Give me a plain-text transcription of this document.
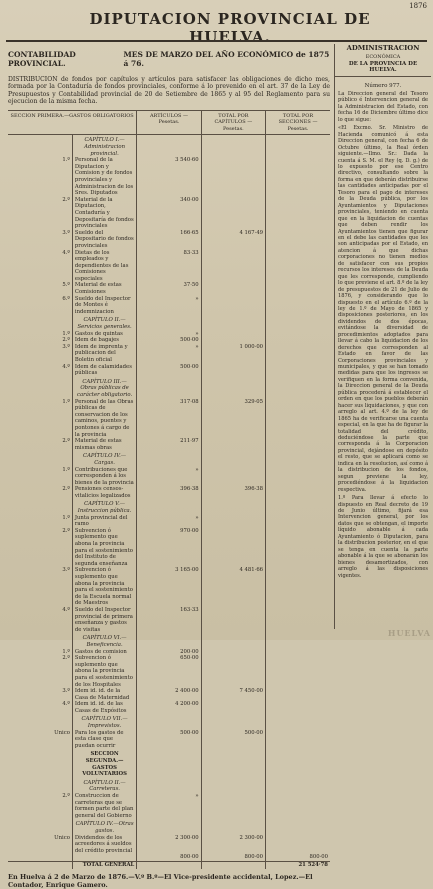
DIPUTACION PROVINCIAL DE HUELVA.
1876
CONTABILIDAD PROVINCIAL.
MES DE MARZO DEL AÑO ECONÓMICO de 1875 á 76.
DISTRIBUCION de fondos por capítulos y artículos para satisfacer las obligaciones de dicho mes, formada por la Contaduría de fondos provinciales, conforme á lo prevenido en el art. 37 de la Ley de Presupuestos y Contabilidad provincial de 20 de Setiembre de 1865 y al 95 del Reglamento para su ejecucion de la misma fecha.
SECCION PRIMERA.—GASTOS OBLIGATORIOS		ARTÍCULOS — Pesetas.	TOTAL POR CAPÍTULOS — Pesetas.	TOTAL POR SECCIONES — Pesetas.
	CAPÍTULO I.—Administracion provincial.			
1.º	Personal de la Diputacion y Comision y de fondos provinciales y Administracion de los Sres. Diputados	3 540·60		
2.º	Material de la Diputacion, Contaduría y Depositaría de fondos provinciales	340·00		
3.º	Sueldo del Depositario de fondos provinciales	166·65	4 167·49	
4.º	Dietas de los empleados y dependientes de las Comisiones especiales	83·33		
5.º	Material de estas Comisiones	37·50		
6.º	Sueldo del Inspector de Montes é indemnizacion	»		
	CAPÍTULO II.—Servicios generales.			
1.º	Gastos de quintas	»		
2.º	Idem de bagajes	500·00		
3.º	Idem de imprenta y publicacion del Boletin oficial	»	1 000·00	
4.º	Idem de calamidades públicas	500·00		
	CAPÍTULO III.—Obras públicas de carácter obligatorio.			
1.º	Personal de las Obras públicas de conservacion de los caminos, puentes y pontones á cargo de la provincia	317·08	329·05	
2.º	Material de estas mismas obras	211·97		
	CAPÍTULO IV.—Cargas.			
1.º	Contribuciones que corresponden á los bienes de la provincia	»		
2.º	Pensiones censos-vitalicios legalizados	396·38	396·38	
	CAPÍTULO V.—Instruccion pública.			
1.º	Junta provincial del ramo	»		
2.º	Subvencion ó suplemento que abona la provincia para el sostenimiento del Instituto de segunda enseñanza	970·00		
3.º	Subvencion ó suplemento que abona la provincia para el sostenimiento de la Escuela normal de Maestros	3 165·00	4 481·66	
4.º	Sueldo del Inspector provincial de primera enseñanza y gastos de visitas	163·33		
	CAPÍTULO VI.—Beneficencia.			
1.º	Gastos de comision	200·00		
2.º	Subvencion ó suplemento que abona la provincia para el sostenimiento de los Hospitales	650·00		
3.º	Idem id. id. de la Casa de Maternidad	2 400·00	7 450·00	
4.º	Idem id. id. de las Casas de Expósitos	4 200·00		
	CAPÍTULO VII.—Imprevistos.			
Unico	Para los gastos de esta clase que puedan ocurrir	500·00	500·00	
	SECCION SEGUNDA.—GASTOS VOLUNTARIOS			
	CAPÍTULO II.—Carreteras.			
2.º	Construccion de carreteras que se formen parte del plan general del Gobierno	»		
	CAPÍTULO IV.—Otras gastos.			
Unico	Dividendos de los acreedores á sueldos del crédito provincial	2 300·00	2 300·00	
		800·00	800·00	800·00
	TOTAL GENERAL			21 524·78
En Huelva á 2 de Marzo de 1876.—V.º B.º—El Vice-presidente accidental, Lopez.—El Contador, Enrique Gamero.
ADMINISTRACION
ECONÓMICA
DE LA PROVINCIA DE HUELVA.
Número 977.
La Direccion general del Tesoro público é Intervencion general de la Administracion del Estado, con fecha 16 de Diciembre último dice lo que sigue:
«El Excmo. Sr. Ministro de Hacienda comunicó á esta Direccion general, con fecha 6 de Octubre último, la Real órden siguiente.—Ilmo. Sr.: Dada la cuenta á S. M. el Rey (q. D. g.) de lo expuesto por ese Centro directivo, consultando sobre la forma en que deberán distribuirse las cantidades anticipadas por el Tesoro para el pago de intereses de la Deuda pública, por los Ayuntamientos y Diputaciones provinciales, teniendo en cuenta que en la liquidacion de cuentas que deben rendir los Ayuntamientos tienen que figurar en el debe las cantidades que les son anticipadas por el Estado, en atencion á que dichas corporaciones no tienen medios de satisfacer con sus propios recursos los intereses de la Deuda que les corresponde, cumpliendo lo que previene el art. 8.º de la ley de presupuestos de 21 de Julio de 1876, y considerando que lo dispuesto en el artículo 6.º de la ley de 1.º de Mayo de 1865 y disposiciones posteriores, en los dividendos de dos épocas, evitándose la diversidad de procedimientos adoptados para llevar á cabo la liquidacion de los derechos que corresponden al Estado en favor de las Corporaciones provinciales y municipales, y que se han tomado medidas para que los ingresos se verifiquen en la forma convenida, la Direccion general de la Deuda pública procederá á establecer el orden en que los pueblos deberán hacer sus liquidaciones, y que con arreglo al art. 4.º de la ley de 1865 ha de verificarse una cuenta especial, en la que ha de figurar la totalidad del crédito, deduciéndose la parte que corresponda á la Corporacion provincial, dejándose en depósito el resto, que se aplicará como se indica en la resolucion, así como á la distribucion de los fondos, segun previene la ley, procediéndose á la liquidacion respectiva.
1.º Para llevar á efecto lo dispuesto en Real decreto de 19 de Junio último, fijará esa Intervencion general, por los datos que se obtengan, el importe líquido abonable á cada Ayuntamiento ó Diputacion, para la distribucion posterior, en el que se tenga en cuenta la parte abonable á la que se abonarán los bienes desamortizados, con arreglo á las disposiciones vigentes.
HUELVA
